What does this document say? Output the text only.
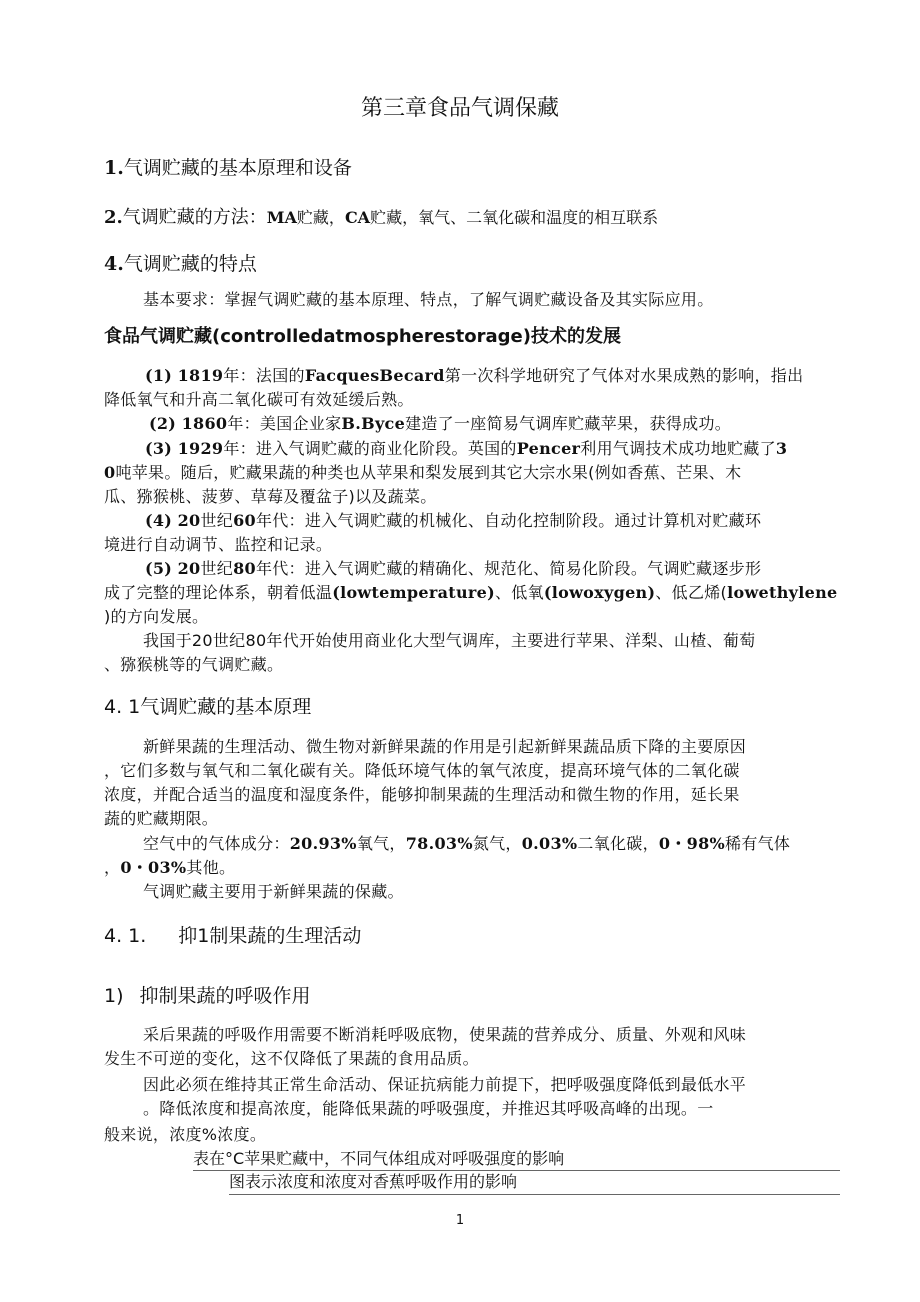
第三章食品气调保藏
1.气调贮藏的基本原理和设备
2.气调贮藏的方法：MA贮藏，CA贮藏，氧气、二氧化碳和温度的相互联系
4.气调贮藏的特点
基本要求：掌握气调贮藏的基本原理、特点，了解气调贮藏设备及其实际应用。
食品气调贮藏(controlledatmospherestorage)技术的发展
(1) 1819年：法国的FacquesBecard第一次科学地研究了气体对水果成熟的影响，指出
降低氧气和升高二氧化碳可有效延缓后熟。
(2) 1860年：美国企业家B.Byce建造了一座简易气调库贮藏苹果，获得成功。
(3) 1929年：进入气调贮藏的商业化阶段。英国的Pencer利用气调技术成功地贮藏了3
0吨苹果。随后，贮藏果蔬的种类也从苹果和梨发展到其它大宗水果(例如香蕉、芒果、木
瓜、猕猴桃、菠萝、草莓及覆盆子)以及蔬菜。
(4) 20世纪60年代：进入气调贮藏的机械化、自动化控制阶段。通过计算机对贮藏环
境进行自动调节、监控和记录。
(5) 20世纪80年代：进入气调贮藏的精确化、规范化、简易化阶段。气调贮藏逐步形
成了完整的理论体系，朝着低温(lowtemperature)、低氧(lowoxygen)、低乙烯(lowethylene
)的方向发展。
我国于20世纪80年代开始使用商业化大型气调库，主要进行苹果、洋梨、山楂、葡萄
、猕猴桃等的气调贮藏。
4. 1气调贮藏的基本原理
新鲜果蔬的生理活动、微生物对新鲜果蔬的作用是引起新鲜果蔬品质下降的主要原因
，它们多数与氧气和二氧化碳有关。降低环境气体的氧气浓度，提高环境气体的二氧化碳
浓度，并配合适当的温度和湿度条件，能够抑制果蔬的生理活动和微生物的作用，延长果
蔬的贮藏期限。
空气中的气体成分：20.93%氧气，78.03%氮气，0.03%二氧化碳，0・98%稀有气体
，0・03%其他。
气调贮藏主要用于新鲜果蔬的保藏。
4. 1. 抑1制果蔬的生理活动
1) 抑制果蔬的呼吸作用
采后果蔬的呼吸作用需要不断消耗呼吸底物，使果蔬的营养成分、质量、外观和风味
发生不可逆的变化，这不仅降低了果蔬的食用品质。
因此必须在维持其正常生命活动、保证抗病能力前提下，把呼吸强度降低到最低水平
。降低浓度和提高浓度，能降低果蔬的呼吸强度，并推迟其呼吸高峰的出现。一
般来说，浓度%浓度。
表在°C苹果贮藏中，不同气体组成对呼吸强度的影响
图表示浓度和浓度对香蕉呼吸作用的影响
1
